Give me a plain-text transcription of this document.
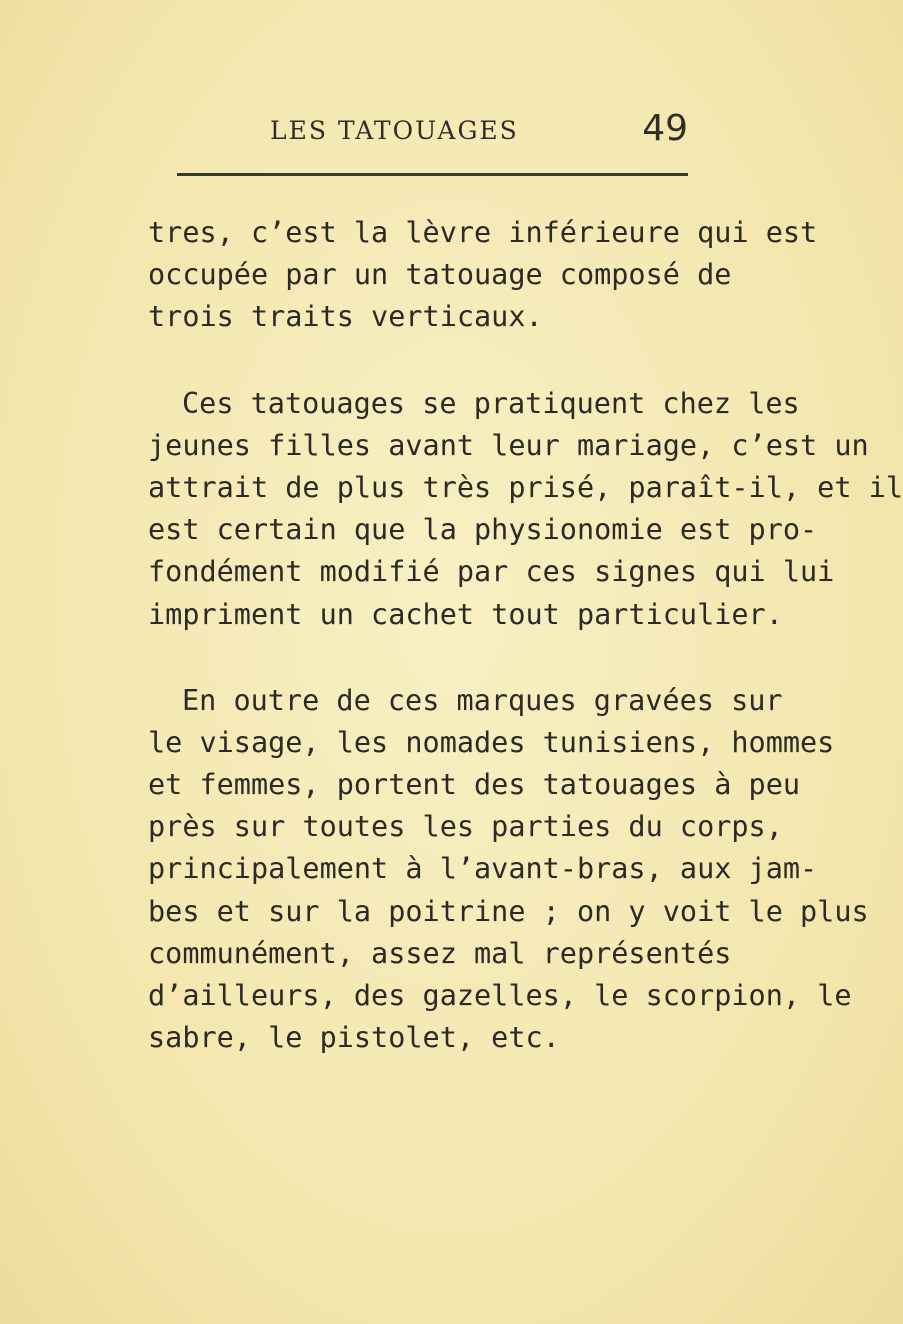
LES TATOUAGES	49
tres, c’est la lèvre inférieure qui est
occupée par un tatouage composé de
trois traits verticaux.
Ces tatouages se pratiquent chez les
jeunes filles avant leur mariage, c’est un
attrait de plus très prisé, paraît-il, et il
est certain que la physionomie est pro-
fondément modifié par ces signes qui lui
impriment un cachet tout particulier.
En outre de ces marques gravées sur
le visage, les nomades tunisiens, hommes
et femmes, portent des tatouages à peu
près sur toutes les parties du corps,
principalement à l’avant-bras, aux jam-
bes et sur la poitrine ; on y voit le plus
communément, assez mal représentés
d’ailleurs, des gazelles, le scorpion, le
sabre, le pistolet, etc.
